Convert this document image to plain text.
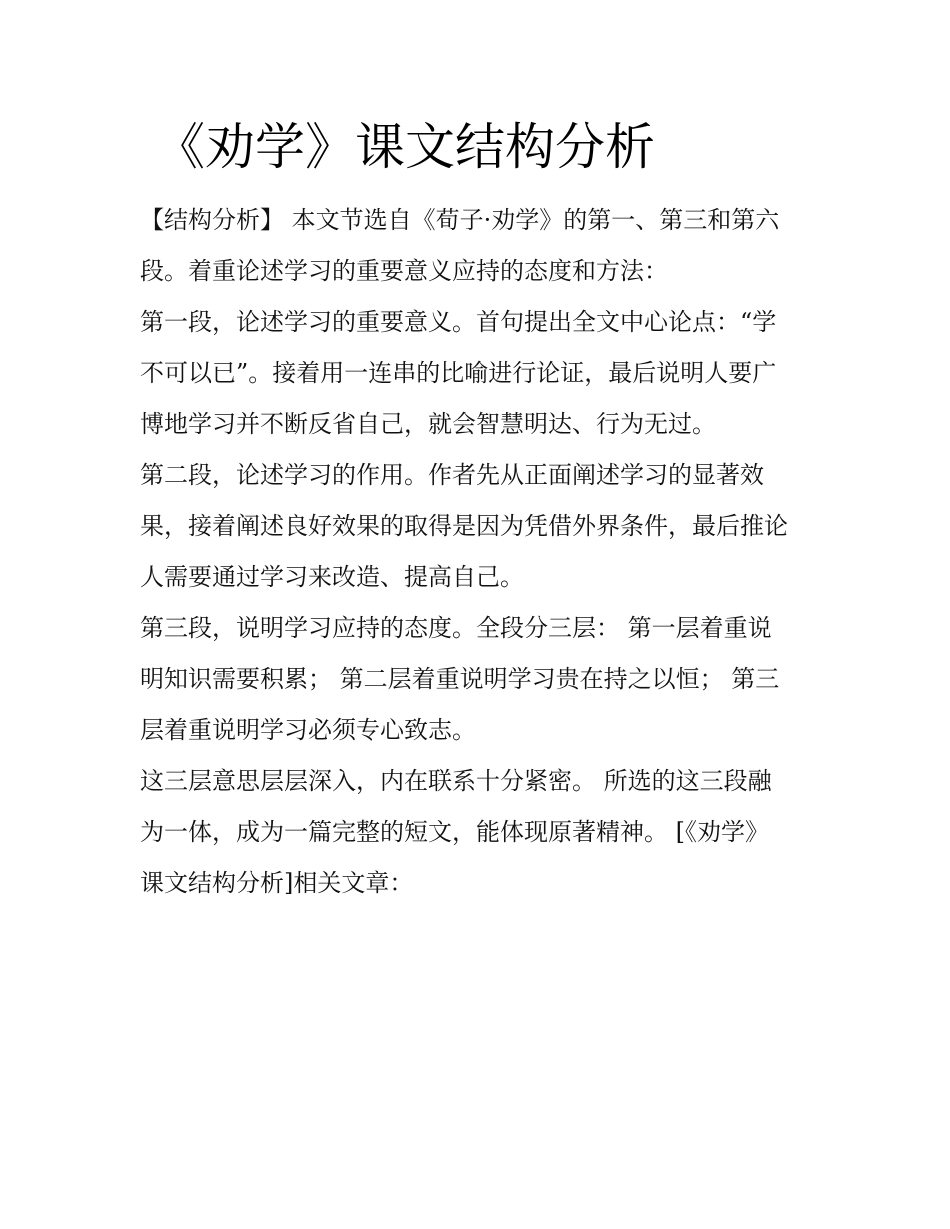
《劝学》课文结构分析
【结构分析】 本文节选自《荀子·劝学》的第一、第三和第六
段。着重论述学习的重要意义应持的态度和方法：
第一段，论述学习的重要意义。首句提出全文中心论点：“学
不可以已”。接着用一连串的比喻进行论证，最后说明人要广
博地学习并不断反省自己，就会智慧明达、行为无过。
第二段，论述学习的作用。作者先从正面阐述学习的显著效
果，接着阐述良好效果的取得是因为凭借外界条件，最后推论
人需要通过学习来改造、提高自己。
第三段，说明学习应持的态度。全段分三层： 第一层着重说
明知识需要积累； 第二层着重说明学习贵在持之以恒； 第三
层着重说明学习必须专心致志。
这三层意思层层深入，内在联系十分紧密。 所选的这三段融
为一体，成为一篇完整的短文，能体现原著精神。 [《劝学》
课文结构分析]相关文章：
